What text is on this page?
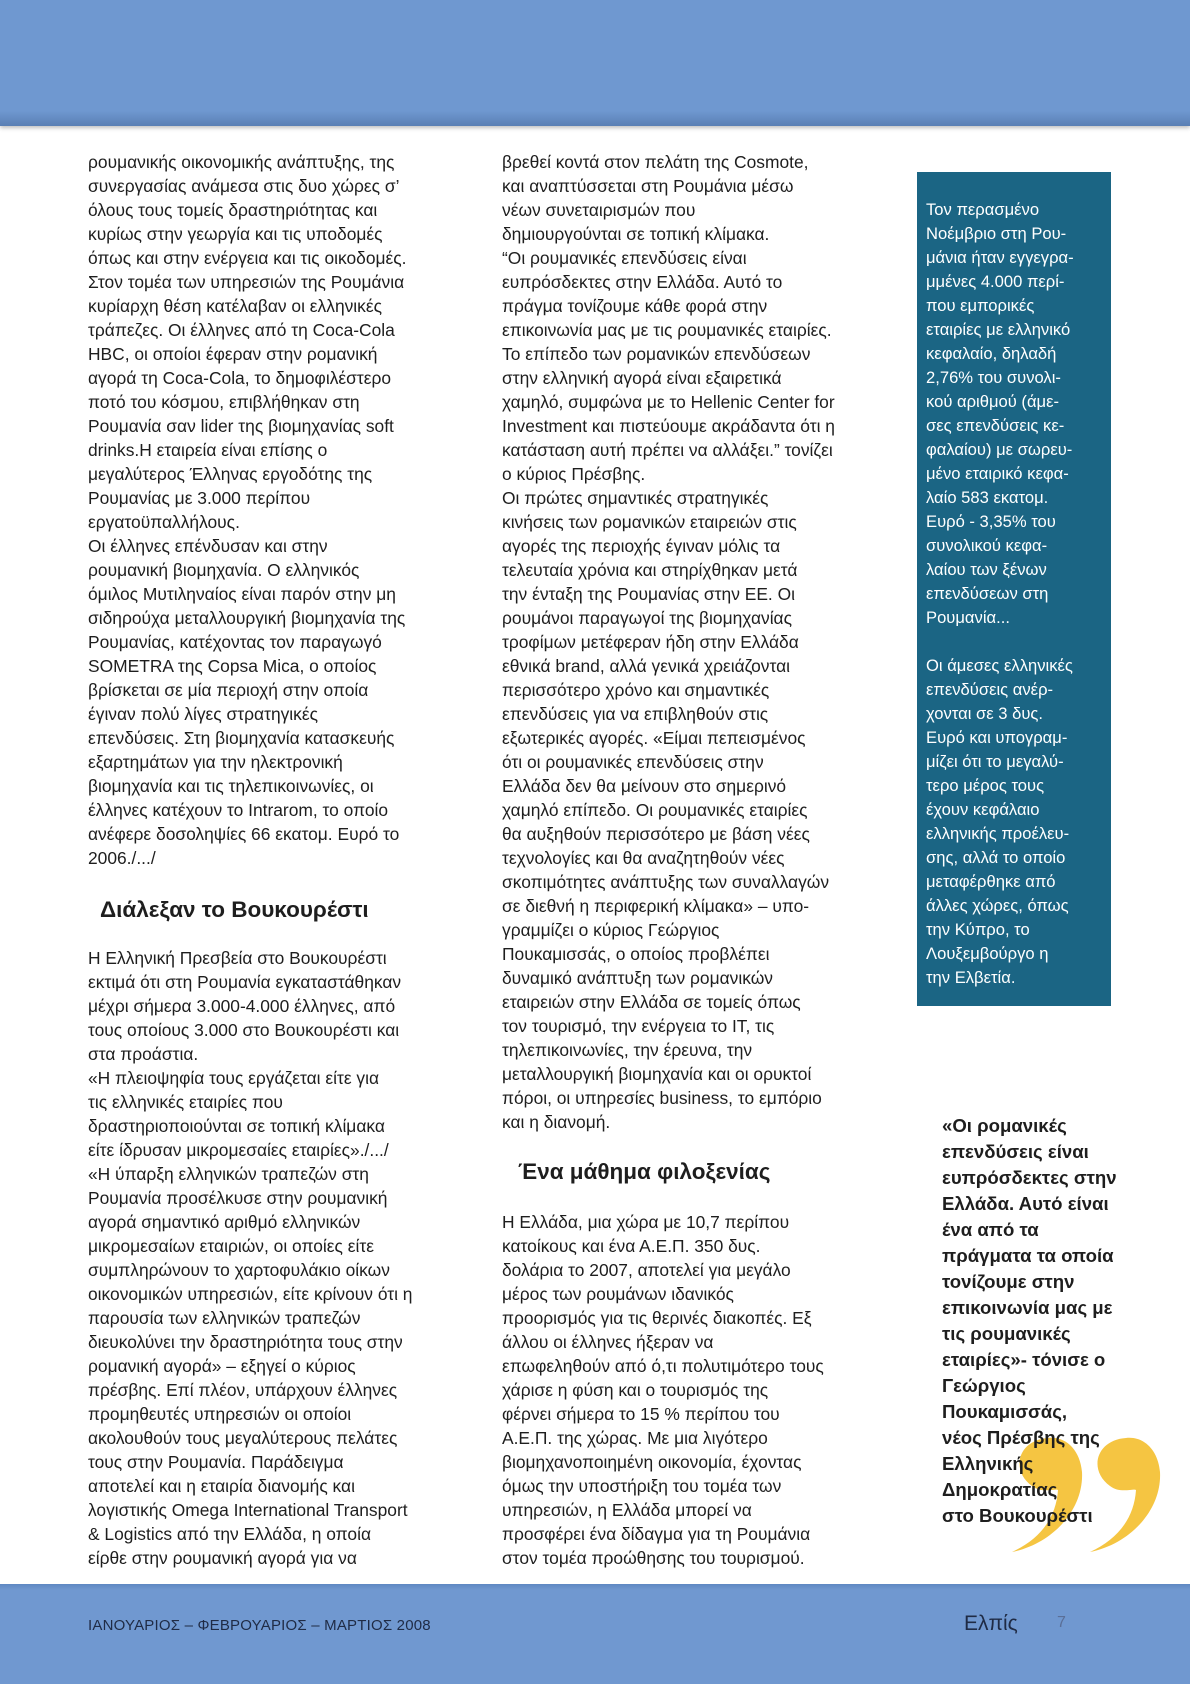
ρουμανικής οικονομικής ανάπτυξης, της
συνεργασίας ανάμεσα στις δυο χώρες σ’
όλους τους τομείς δραστηριότητας και
κυρίως στην γεωργία και τις υποδομές
όπως και στην ενέργεια και τις οικοδομές.

Στον τομέα των υπηρεσιών της Ρουμάνια
κυρίαρχη θέση κατέλαβαν οι ελληνικές
τράπεζες. Οι έλληνες από τη Coca-Cola
HBC, οι οποίοι έφεραν στην ρομανική
αγορά τη Coca-Cola, το δημοφιλέστερο
ποτό του κόσμου, επιβλήθηκαν στη
Ρουμανία σαν lider της βιομηχανίας soft
drinks.Η εταιρεία είναι επίσης ο
μεγαλύτερος Έλληνας εργοδότης της
Ρουμανίας με 3.000 περίπου
εργατοϋπαλλήλους.

Οι έλληνες επένδυσαν και στην
ρουμανική βιομηχανία. Ο ελληνικός
όμιλος Μυτιληναίος είναι παρόν στην μη
σιδηρούχα μεταλλουργική βιομηχανία της
Ρουμανίας, κατέχοντας τον παραγωγό
SOMETRA της Copsa Mica, ο οποίος
βρίσκεται σε μία περιοχή στην οποία
έγιναν πολύ λίγες στρατηγικές
επενδύσεις. Στη βιομηχανία κατασκευής
εξαρτημάτων για την ηλεκτρονική
βιομηχανία και τις τηλεπικοινωνίες, οι
έλληνες κατέχουν το Intrarom, το οποίο
ανέφερε δοσοληψίες 66 εκατομ. Ευρό το
2006./.../

Διάλεξαν το Βουκουρέστι

Η Ελληνική Πρεσβεία στο Βουκουρέστι
εκτιμά ότι στη Ρουμανία εγκαταστάθηκαν
μέχρι σήμερα 3.000-4.000 έλληνες, από
τους οποίους 3.000 στο Βουκουρέστι και
στα προάστια.

«Η πλειοψηφία τους εργάζεται είτε για
τις ελληνικές εταιρίες που
δραστηριοποιούνται σε τοπική κλίμακα
είτε ίδρυσαν μικρομεσαίες εταιρίες»./.../

«Η ύπαρξη ελληνικών τραπεζών στη
Ρουμανία προσέλκυσε στην ρουμανική
αγορά σημαντικό αριθμό ελληνικών
μικρομεσαίων εταιριών, οι οποίες είτε
συμπληρώνουν το χαρτοφυλάκιο οίκων
οικονομικών υπηρεσιών, είτε κρίνουν ότι η
παρουσία των ελληνικών τραπεζών
διευκολύνει την δραστηριότητα τους στην
ρομανική αγορά» – εξηγεί ο κύριος
πρέσβης. Επί πλέον, υπάρχουν έλληνες
προμηθευτές υπηρεσιών οι οποίοι
ακολουθούν τους μεγαλύτερους πελάτες
τους στην Ρουμανία. Παράδειγμα
αποτελεί και η εταιρία διανομής και
λογιστικής Omega International Transport
& Logistics από την Ελλάδα, η οποία
είρθε στην ρουμανική αγορά για να

βρεθεί κοντά στον πελάτη της Cosmote,
και αναπτύσσεται στη Ρουμάνια μέσω
νέων συνεταιρισμών που
δημιουργούνται σε τοπική κλίμακα.

“Οι ρουμανικές επενδύσεις είναι
ευπρόσδεκτες στην Ελλάδα. Αυτό το
πράγμα τονίζουμε κάθε φορά στην
επικοινωνία μας με τις ρουμανικές εταιρίες.
Το επίπεδο των ρομανικών επενδύσεων
στην ελληνική αγορά είναι εξαιρετικά
χαμηλό, συμφώνα με το Hellenic Center for
Investment και πιστεύουμε ακράδαντα ότι η
κατάσταση αυτή πρέπει να αλλάξει.” τονίζει
ο κύριος Πρέσβης.

Οι πρώτες σημαντικές στρατηγικές
κινήσεις των ρομανικών εταιρειών στις
αγορές της περιοχής έγιναν μόλις τα
τελευταία χρόνια και στηρίχθηκαν μετά
την ένταξη της Ρουμανίας στην ΕΕ. Οι
ρουμάνοι παραγωγοί της βιομηχανίας
τροφίμων μετέφεραν ήδη στην Ελλάδα
εθνικά brand, αλλά γενικά χρειάζονται
περισσότερο χρόνο και σημαντικές
επενδύσεις για να επιβληθούν στις
εξωτερικές αγορές. «Είμαι πεπεισμένος
ότι οι ρουμανικές επενδύσεις στην
Ελλάδα δεν θα μείνουν στο σημερινό
χαμηλό επίπεδο. Οι ρουμανικές εταιρίες
θα αυξηθούν περισσότερο με βάση νέες
τεχνολογίες και θα αναζητηθούν νέες
σκοπιμότητες ανάπτυξης των συναλλαγών
σε διεθνή η περιφερική κλίμακα» – υπο-
γραμμίζει ο κύριος Γεώργιος
Πουκαμισσάς, ο οποίος προβλέπει
δυναμικό ανάπτυξη των ρομανικών
εταιρειών στην Ελλάδα σε τομείς όπως
τον τουρισμό, την ενέργεια το IT, τις
τηλεπικοινωνίες, την έρευνα, την
μεταλλουργική βιομηχανία και οι ορυκτοί
πόροι, οι υπηρεσίες business, το εμπόριο
και η διανομή.

Ένα μάθημα φιλοξενίας

Η Ελλάδα, μια χώρα με 10,7 περίπου
κατοίκους και ένα Α.Ε.Π. 350 δυς.
δολάρια το 2007, αποτελεί για μεγάλο
μέρος των ρουμάνων ιδανικός
προορισμός για τις θερινές διακοπές. Εξ
άλλου οι έλληνες ήξεραν να
επωφεληθούν από ό,τι πολυτιμότερο τους
χάρισε η φύση και ο τουρισμός της
φέρνει σήμερα το 15 % περίπου του
Α.Ε.Π. της χώρας. Με μια λιγότερο
βιομηχανοποιημένη οικονομία, έχοντας
όμως την υποστήριξη του τομέα των
υπηρεσιών, η Ελλάδα μπορεί να
προσφέρει ένα δίδαγμα για τη Ρουμάνια
στον τομέα προώθησης του τουρισμού.

Τον περασμένο
Νοέμβριο στη Ρου-
μάνια ήταν εγγεγρα-
μμένες 4.000 περί-
που εμπορικές
εταιρίες με ελληνικό
κεφαλαίο, δηλαδή
2,76% του συνολι-
κού αριθμού (άμε-
σες επενδύσεις κε-
φαλαίου) με σωρευ-
μένο εταιρικό κεφα-
λαίο 583 εκατομ.
Ευρό - 3,35% του
συνολικού κεφα-
λαίου των ξένων
επενδύσεων στη
Ρουμανία...

Οι άμεσες ελληνικές
επενδύσεις ανέρ-
χονται σε 3 δυς.
Ευρό και υπογραμ-
μίζει ότι το μεγαλύ-
τερο μέρος τους
έχουν κεφάλαιο
ελληνικής προέλευ-
σης, αλλά το οποίο
μεταφέρθηκε από
άλλες χώρες, όπως
την Κύπρο, το
Λουξεμβούργο η
την Ελβετία.

«Οι ρομανικές
επενδύσεις είναι
ευπρόσδεκτες στην
Ελλάδα. Αυτό είναι
ένα από τα
πράγματα τα οποία
τονίζουμε στην
επικοινωνία μας με
τις ρουμανικές
εταιρίες»- τόνισε ο
Γεώργιος
Πουκαμισσάς,
νέος Πρέσβης της
Ελληνικής
Δημοκρατίας
στο Βουκουρέστι

ΙΑΝΟΥΑΡΙΟΣ – ΦΕΒΡΟΥΑΡΙΟΣ – ΜΑΡΤΙΟΣ 2008	Ελπίς 7
